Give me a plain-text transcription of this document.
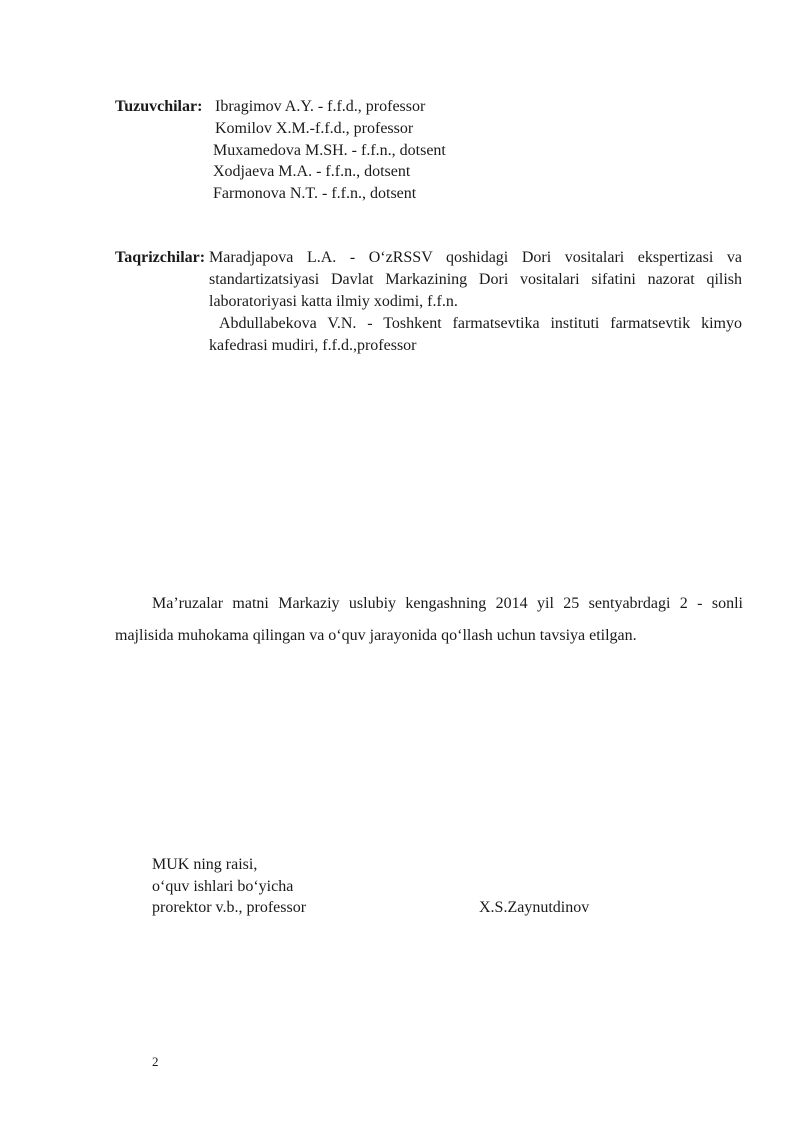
Tuzuvchilar: Ibragimov A.Y. - f.f.d., professor
Komilov X.M.-f.f.d., professor
Muxamedova M.SH. - f.f.n., dotsent
Xodjaeva M.A. - f.f.n., dotsent
Farmonova N.T. - f.f.n., dotsent
Taqrizchilar: Maradjapova L.A. - O‘zRSSV qoshidagi Dori vositalari ekspertizasi va
standartizatsiyasi Davlat Markazining Dori vositalari sifatini nazorat qilish
laboratoriyasi katta ilmiy xodimi, f.f.n.
Abdullabekova V.N. - Toshkent farmatsevtika instituti farmatsevtik kimyo
kafedrasi mudiri, f.f.d.,professor
Ma’ruzalar matni Markaziy uslubiy kengashning 2014 yil 25 sentyabrdagi 2 - sonli
majlisida muhokama qilingan va o‘quv jarayonida qo‘llash uchun tavsiya etilgan.
MUK ning raisi,
o‘quv ishlari bo‘yicha
prorektor v.b., professor	X.S.Zaynutdinov
2
